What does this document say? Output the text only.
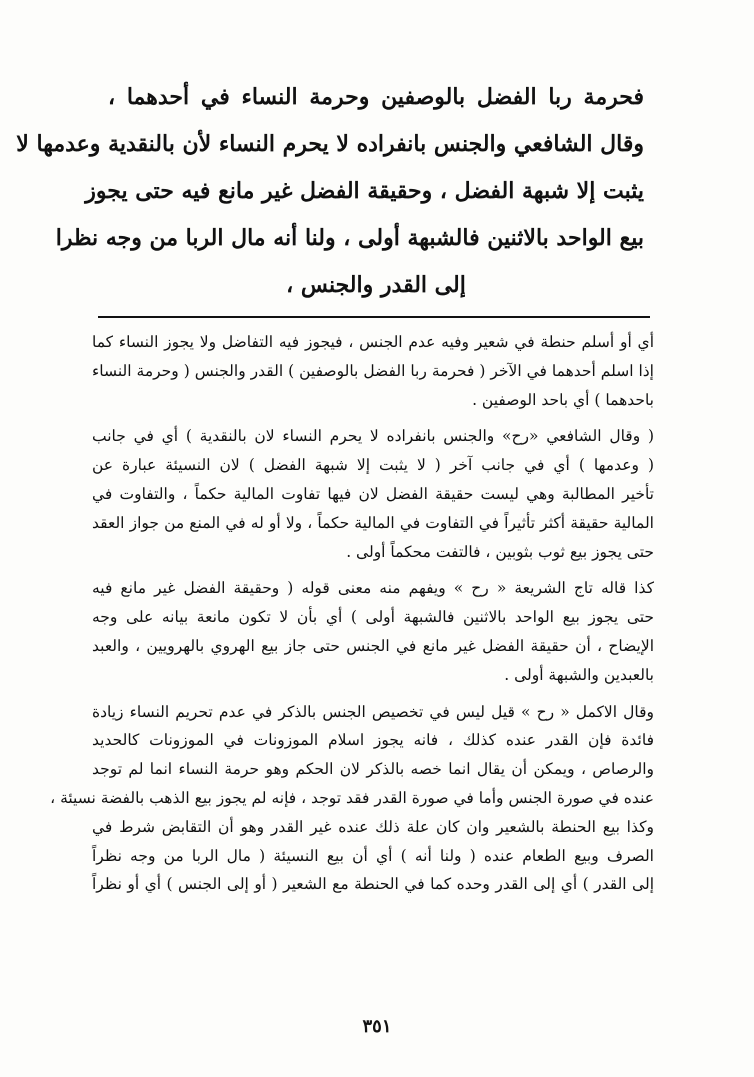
فحرمة ربا الفضل بالوصفين وحرمة النساء في أحدهما ،
وقال الشافعي والجنس بانفراده لا يحرم النساء لأن بالنقدية وعدمها لا
يثبت إلا شبهة الفضل ، وحقيقة الفضل غير مانع فيه حتى يجوز
بيع الواحد بالاثنين فالشبهة أولى ، ولنا أنه مال الربا من وجه نظرا
إلى القدر والجنس ،
أي أو أسلم حنطة في شعير وفيه عدم الجنس ، فيجوز فيه التفاضل ولا يجوز النساء كما
إذا اسلم أحدهما في الآخر ( فحرمة ربا الفضل بالوصفين ) القدر والجنس ( وحرمة النساء
باحدهما ) أي باحد الوصفين .
( وقال الشافعي «رح» والجنس بانفراده لا يحرم النساء لان بالنقدية ) أي في جانب
( وعدمها ) أي في جانب آخر ( لا يثبت إلا شبهة الفضل ) لان النسيئة عبارة عن
تأخير المطالبة وهي ليست حقيقة الفضل لان فيها تفاوت المالية حكماً ، والتفاوت في
المالية حقيقة أكثر تأثيراً في التفاوت في المالية حكماً ، ولا أو له في المنع من جواز العقد
حتى يجوز بيع ثوب بثوبين ، فالتفت محكماً أولى .
كذا قاله تاج الشريعة « رح » ويفهم منه معنى قوله ( وحقيقة الفضل غير مانع فيه
حتى يجوز بيع الواحد بالاثنين فالشبهة أولى ) أي بأن لا تكون مانعة بيانه على وجه
الإيضاح ، أن حقيقة الفضل غير مانع في الجنس حتى جاز بيع الهروي بالهرويين ، والعبد
بالعبدين والشبهة أولى .
وقال الاكمل « رح » قيل ليس في تخصيص الجنس بالذكر في عدم تحريم النساء زيادة
فائدة فإن القدر عنده كذلك ، فانه يجوز اسلام الموزونات في الموزونات كالحديد
والرصاص ، ويمكن أن يقال انما خصه بالذكر لان الحكم وهو حرمة النساء انما لم توجد
عنده في صورة الجنس وأما في صورة القدر فقد توجد ، فإنه لم يجوز بيع الذهب بالفضة نسيئة ،
وكذا بيع الحنطة بالشعير وان كان علة ذلك عنده غير القدر وهو أن التقابض شرط في
الصرف وبيع الطعام عنده ( ولنا أنه ) أي أن بيع النسيئة ( مال الربا من وجه نظراً
إلى القدر ) أي إلى القدر وحده كما في الحنطة مع الشعير ( أو إلى الجنس ) أي أو نظراً
٣٥١
